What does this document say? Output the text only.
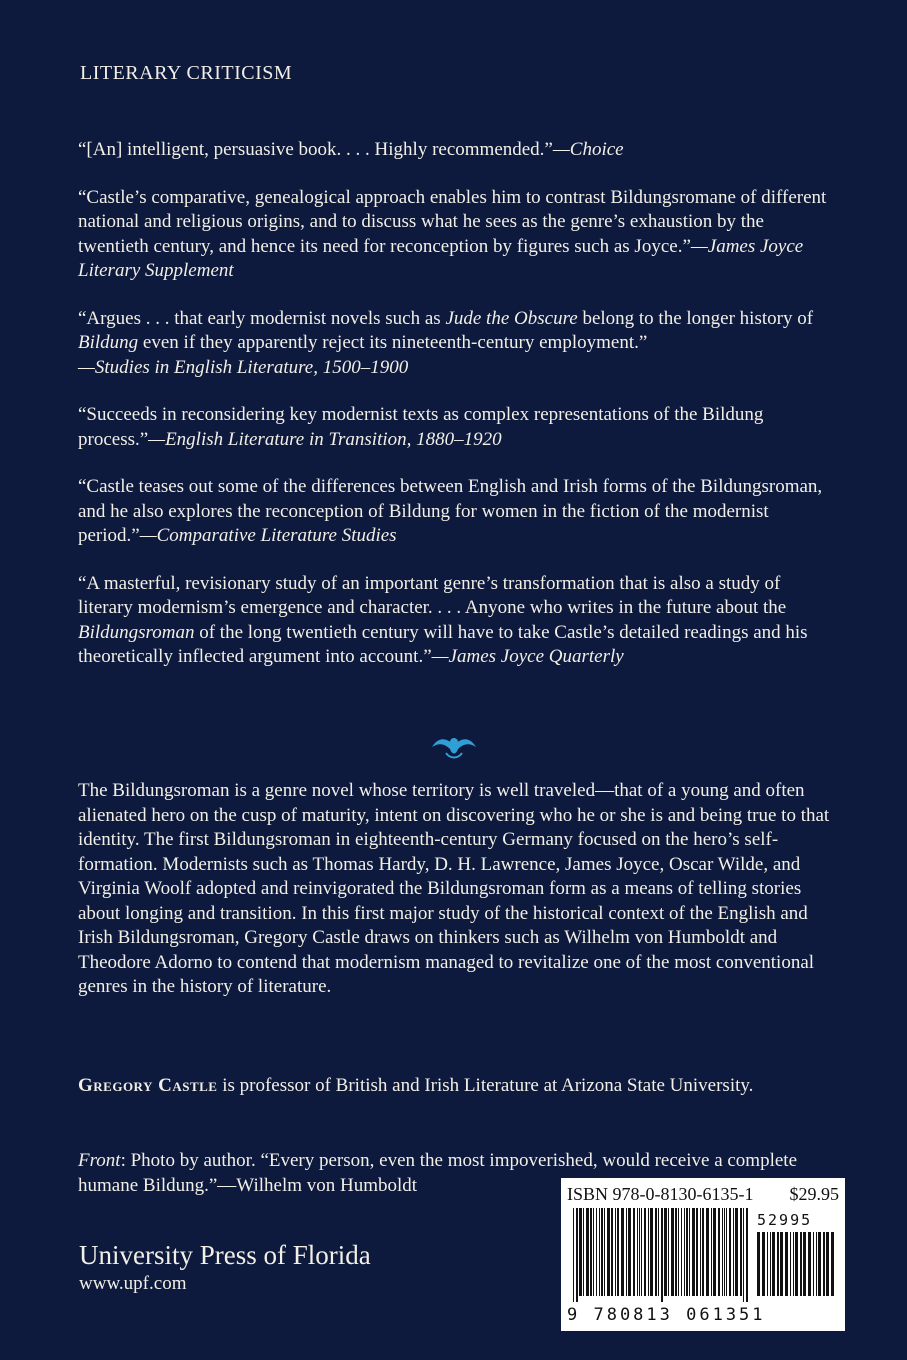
LITERARY CRITICISM

“[An] intelligent, persuasive book. . . . Highly recommended.”—Choice

“Castle’s comparative, genealogical approach enables him to contrast Bildungsromane of different national and religious origins, and to discuss what he sees as the genre’s exhaustion by the twentieth century, and hence its need for reconception by figures such as Joyce.”—James Joyce Literary Supplement

“Argues . . . that early modernist novels such as Jude the Obscure belong to the longer history of Bildung even if they apparently reject its nineteenth-century employment.”
—Studies in English Literature, 1500–1900

“Succeeds in reconsidering key modernist texts as complex representations of the Bildung process.”—English Literature in Transition, 1880–1920

“Castle teases out some of the differences between English and Irish forms of the Bildungsroman, and he also explores the reconception of Bildung for women in the fiction of the modernist period.”—Comparative Literature Studies

“A masterful, revisionary study of an important genre’s transformation that is also a study of literary modernism’s emergence and character. . . . Anyone who writes in the future about the Bildungsroman of the long twentieth century will have to take Castle’s detailed readings and his theoretically inflected argument into account.”—James Joyce Quarterly

The Bildungsroman is a genre novel whose territory is well traveled—that of a young and often alienated hero on the cusp of maturity, intent on discovering who he or she is and being true to that identity. The first Bildungsroman in eighteenth-century Germany focused on the hero’s self-formation. Modernists such as Thomas Hardy, D. H. Lawrence, James Joyce, Oscar Wilde, and Virginia Woolf adopted and reinvigorated the Bildungsroman form as a means of telling stories about longing and transition. In this first major study of the historical context of the English and Irish Bildungsroman, Gregory Castle draws on thinkers such as Wilhelm von Humboldt and Theodore Adorno to contend that modernism managed to revitalize one of the most conventional genres in the history of literature.

Gregory Castle is professor of British and Irish Literature at Arizona State University.

Front: Photo by author. “Every person, even the most impoverished, would receive a complete humane Bildung.”—Wilhelm von Humboldt

University Press of Florida
www.upf.com
ISBN 978-0-8130-6135-1 $29.95
52995
9 780813 061351
